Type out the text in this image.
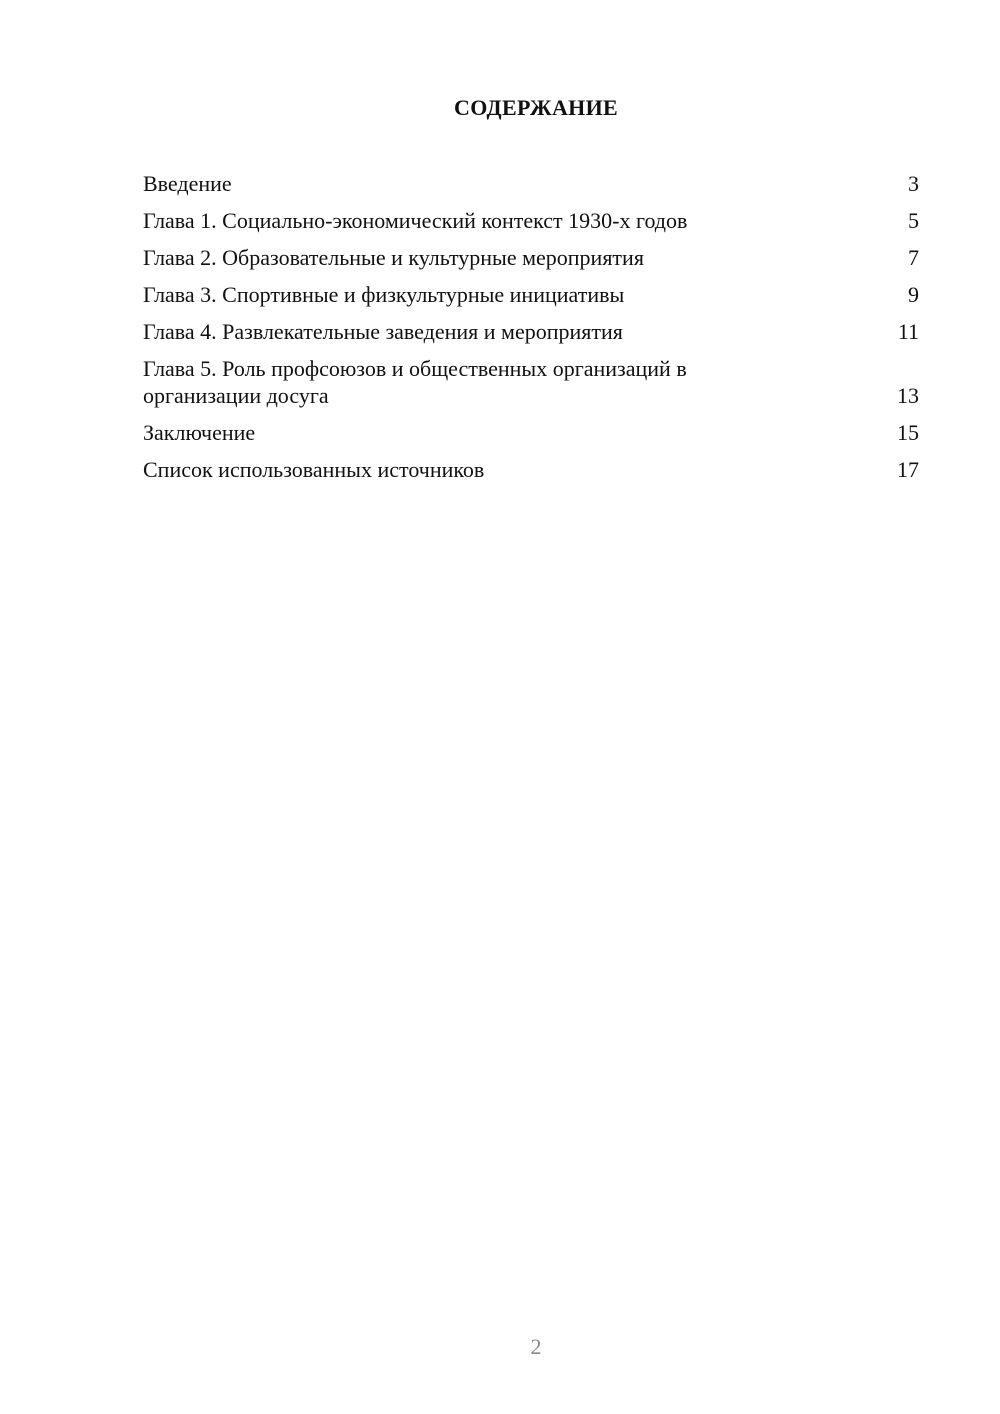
СОДЕРЖАНИЕ
Введение	3
Глава 1. Социально-экономический контекст 1930-х годов	5
Глава 2. Образовательные и культурные мероприятия	7
Глава 3. Спортивные и физкультурные инициативы	9
Глава 4. Развлекательные заведения и мероприятия	11
Глава 5. Роль профсоюзов и общественных организаций в организации досуга	13
Заключение	15
Список использованных источников	17
2
